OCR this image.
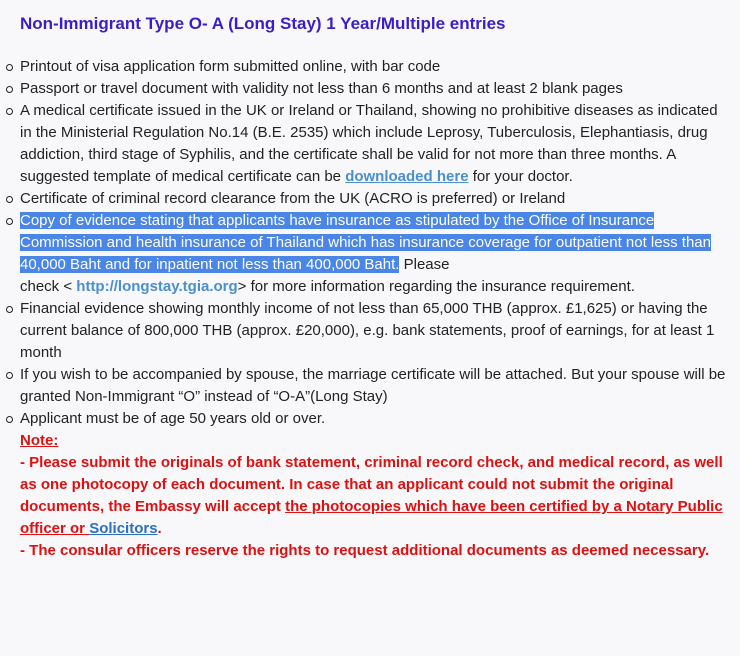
Non-Immigrant Type O- A (Long Stay) 1 Year/Multiple entries
Printout of visa application form submitted online, with bar code
Passport or travel document with validity not less than 6 months and at least 2 blank pages
A medical certificate issued in the UK or Ireland or Thailand, showing no prohibitive diseases as indicated in the Ministerial Regulation No.14 (B.E. 2535) which include Leprosy, Tuberculosis, Elephantiasis, drug addiction, third stage of Syphilis, and the certificate shall be valid for not more than three months. A suggested template of medical certificate can be downloaded here for your doctor.
Certificate of criminal record clearance from the UK (ACRO is preferred) or Ireland
Copy of evidence stating that applicants have insurance as stipulated by the Office of Insurance Commission and health insurance of Thailand which has insurance coverage for outpatient not less than 40,000 Baht and for inpatient not less than 400,000 Baht. Please
check < http://longstay.tgia.org> for more information regarding the insurance requirement.
Financial evidence showing monthly income of not less than 65,000 THB (approx. £1,625) or having the current balance of 800,000 THB (approx. £20,000), e.g. bank statements, proof of earnings, for at least 1 month
If you wish to be accompanied by spouse, the marriage certificate will be attached. But your spouse will be granted Non-Immigrant “O” instead of “O-A”(Long Stay)
Applicant must be of age 50 years old or over.
Note:
- Please submit the originals of bank statement, criminal record check, and medical record, as well as one photocopy of each document. In case that an applicant could not submit the original documents, the Embassy will accept the photocopies which have been certified by a Notary Public officer or Solicitors.
- The consular officers reserve the rights to request additional documents as deemed necessary.
